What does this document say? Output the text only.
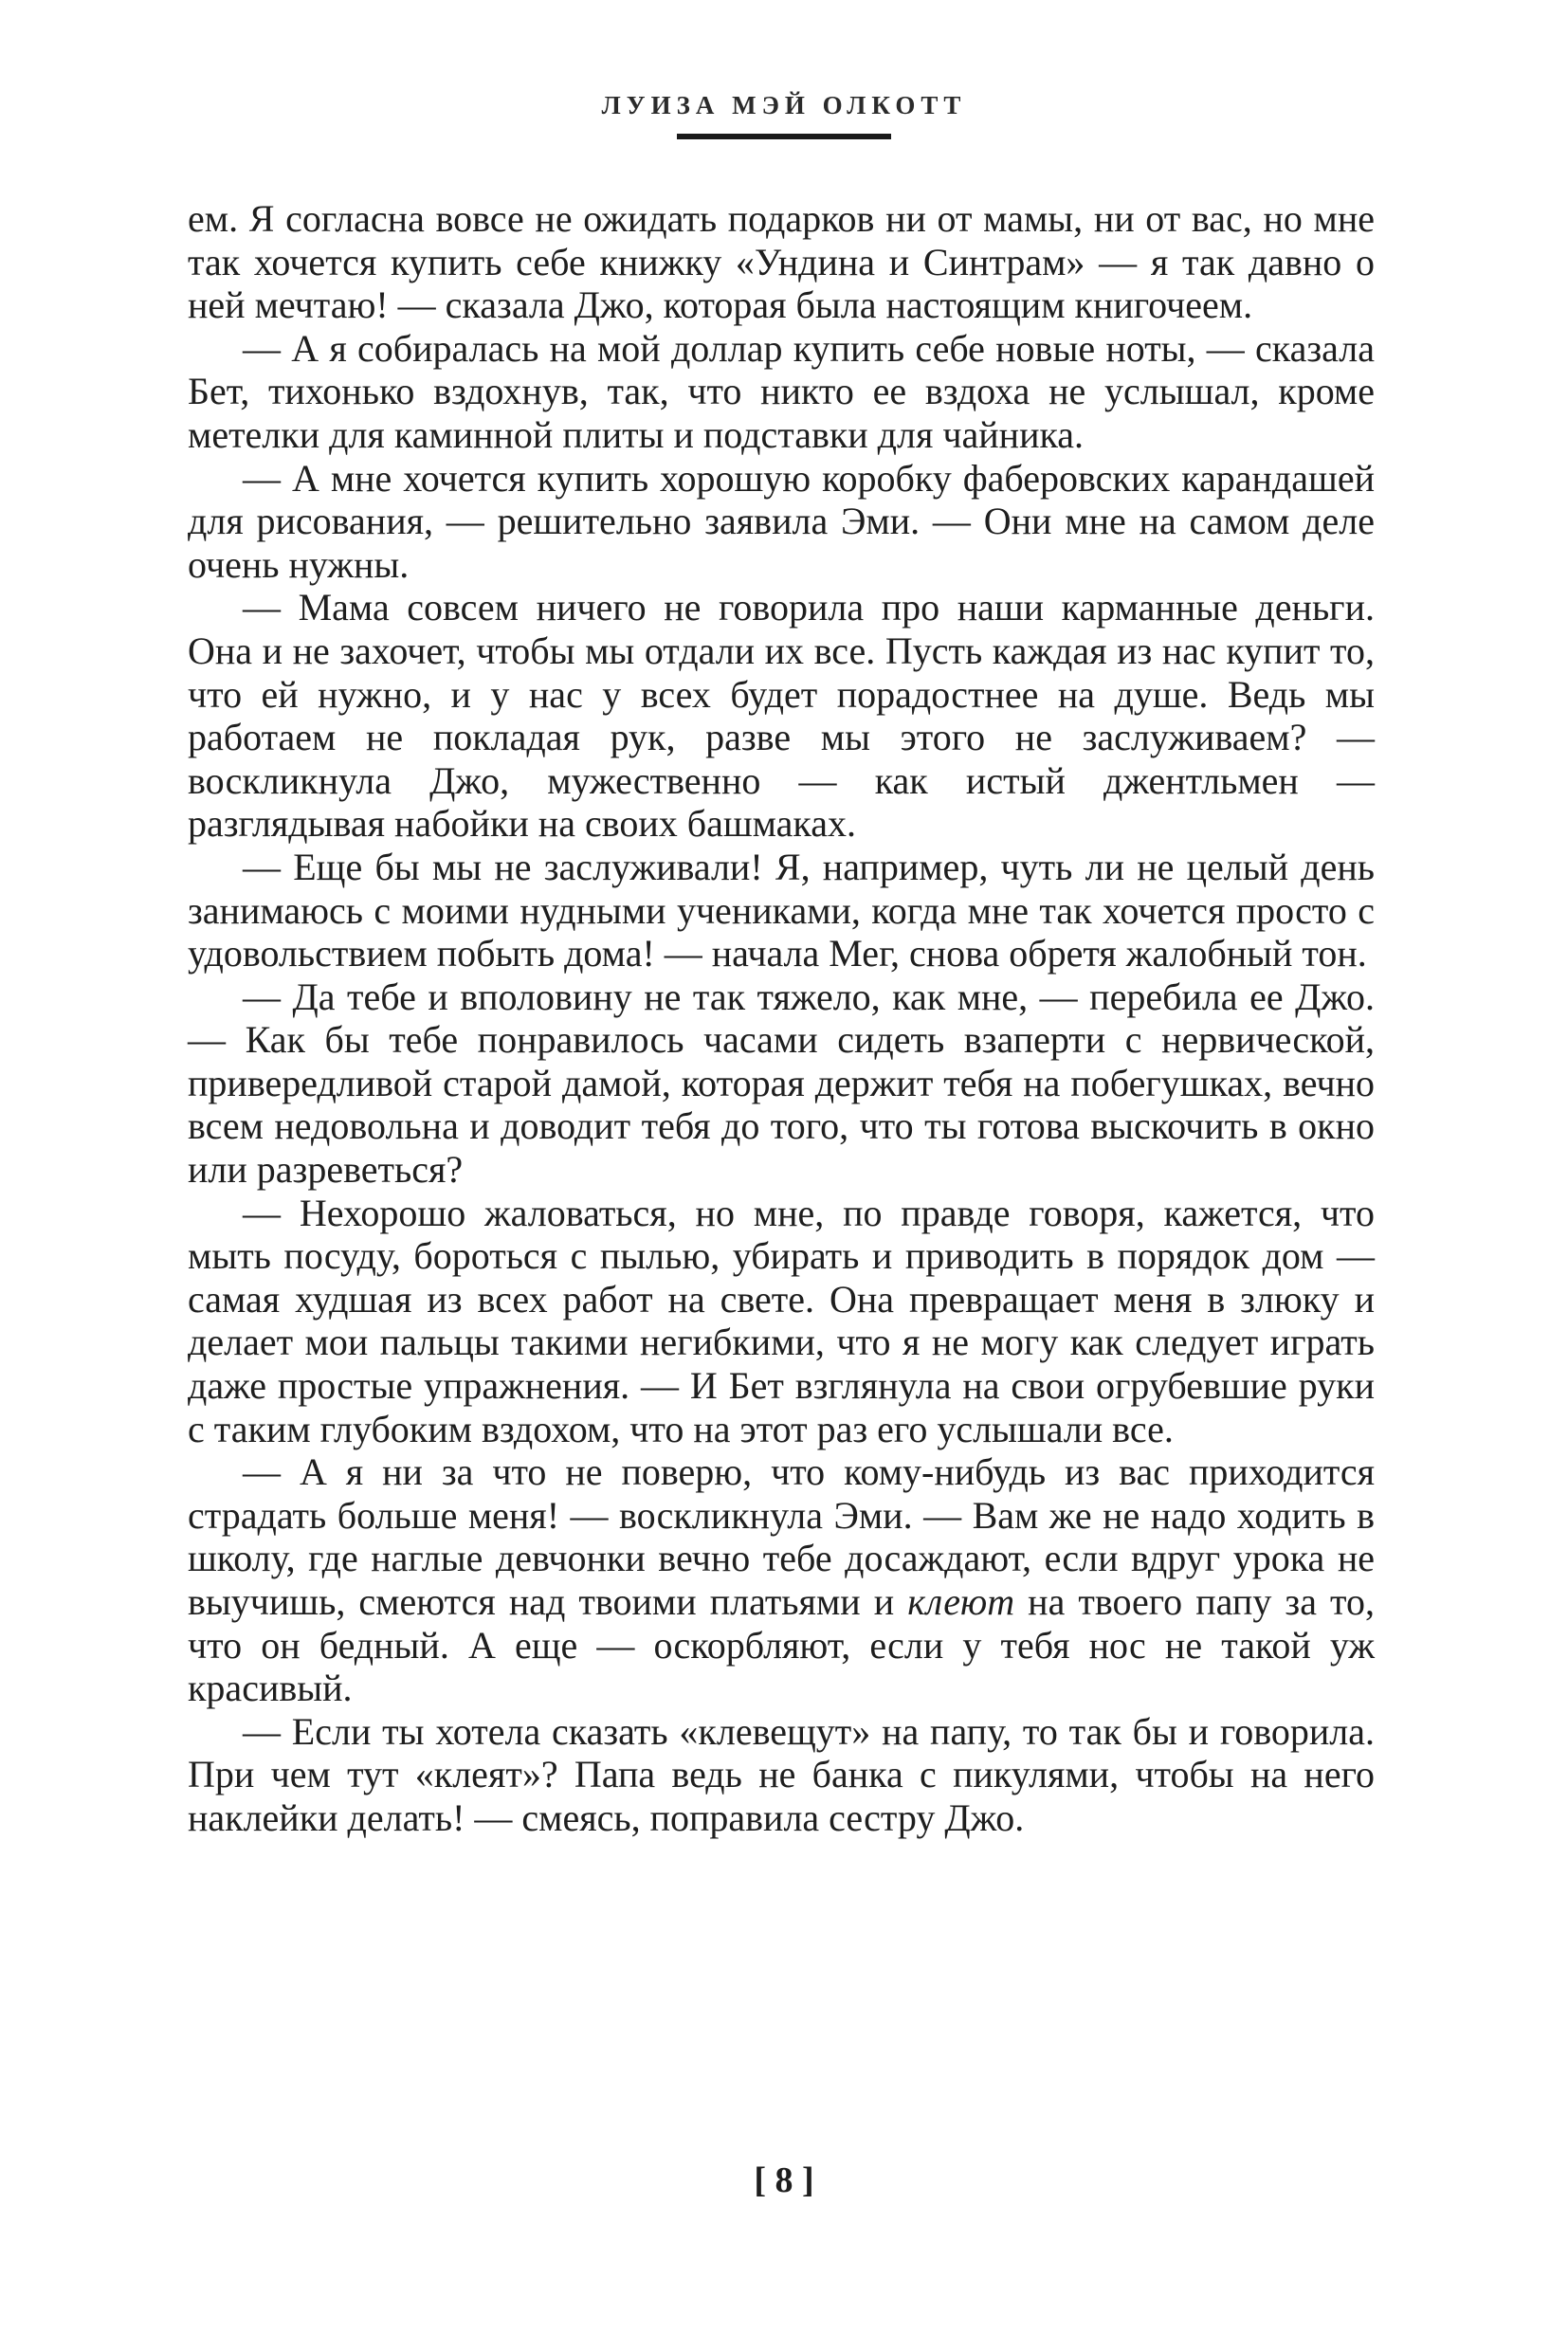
ЛУИЗА МЭЙ ОЛКОТТ

ем. Я согласна вовсе не ожидать подарков ни от мамы, ни от вас, но мне так хочется купить себе книжку «Ундина и Синтрам» — я так давно о ней мечтаю! — сказала Джо, которая была настоящим книгочеем.

— А я собиралась на мой доллар купить себе новые ноты, — сказала Бет, тихонько вздохнув, так, что никто ее вздоха не услышал, кроме метелки для каминной плиты и подставки для чайника.

— А мне хочется купить хорошую коробку фаберовских карандашей для рисования, — решительно заявила Эми. — Они мне на самом деле очень нужны.

— Мама совсем ничего не говорила про наши карманные деньги. Она и не захочет, чтобы мы отдали их все. Пусть каждая из нас купит то, что ей нужно, и у нас у всех будет порадостнее на душе. Ведь мы работаем не покладая рук, разве мы этого не заслуживаем? — воскликнула Джо, мужественно — как истый джентльмен — разглядывая набойки на своих башмаках.

— Еще бы мы не заслуживали! Я, например, чуть ли не целый день занимаюсь с моими нудными учениками, когда мне так хочется просто с удовольствием побыть дома! — начала Мег, снова обретя жалобный тон.

— Да тебе и вполовину не так тяжело, как мне, — перебила ее Джо. — Как бы тебе понравилось часами сидеть взаперти с нервической, привередливой старой дамой, которая держит тебя на побегушках, вечно всем недовольна и доводит тебя до того, что ты готова выскочить в окно или разреветься?

— Нехорошо жаловаться, но мне, по правде говоря, кажется, что мыть посуду, бороться с пылью, убирать и приводить в порядок дом — самая худшая из всех работ на свете. Она превращает меня в злюку и делает мои пальцы такими негибкими, что я не могу как следует играть даже простые упражнения. — И Бет взглянула на свои огрубевшие руки с таким глубоким вздохом, что на этот раз его услышали все.

— А я ни за что не поверю, что кому-нибудь из вас приходится страдать больше меня! — воскликнула Эми. — Вам же не надо ходить в школу, где наглые девчонки вечно тебе досаждают, если вдруг урока не выучишь, смеются над твоими платьями и клеют на твоего папу за то, что он бедный. А еще — оскорбляют, если у тебя нос не такой уж красивый.

— Если ты хотела сказать «клевещут» на папу, то так бы и говорила. При чем тут «клеят»? Папа ведь не банка с пикулями, чтобы на него наклейки делать! — смеясь, поправила сестру Джо.

[ 8 ]
